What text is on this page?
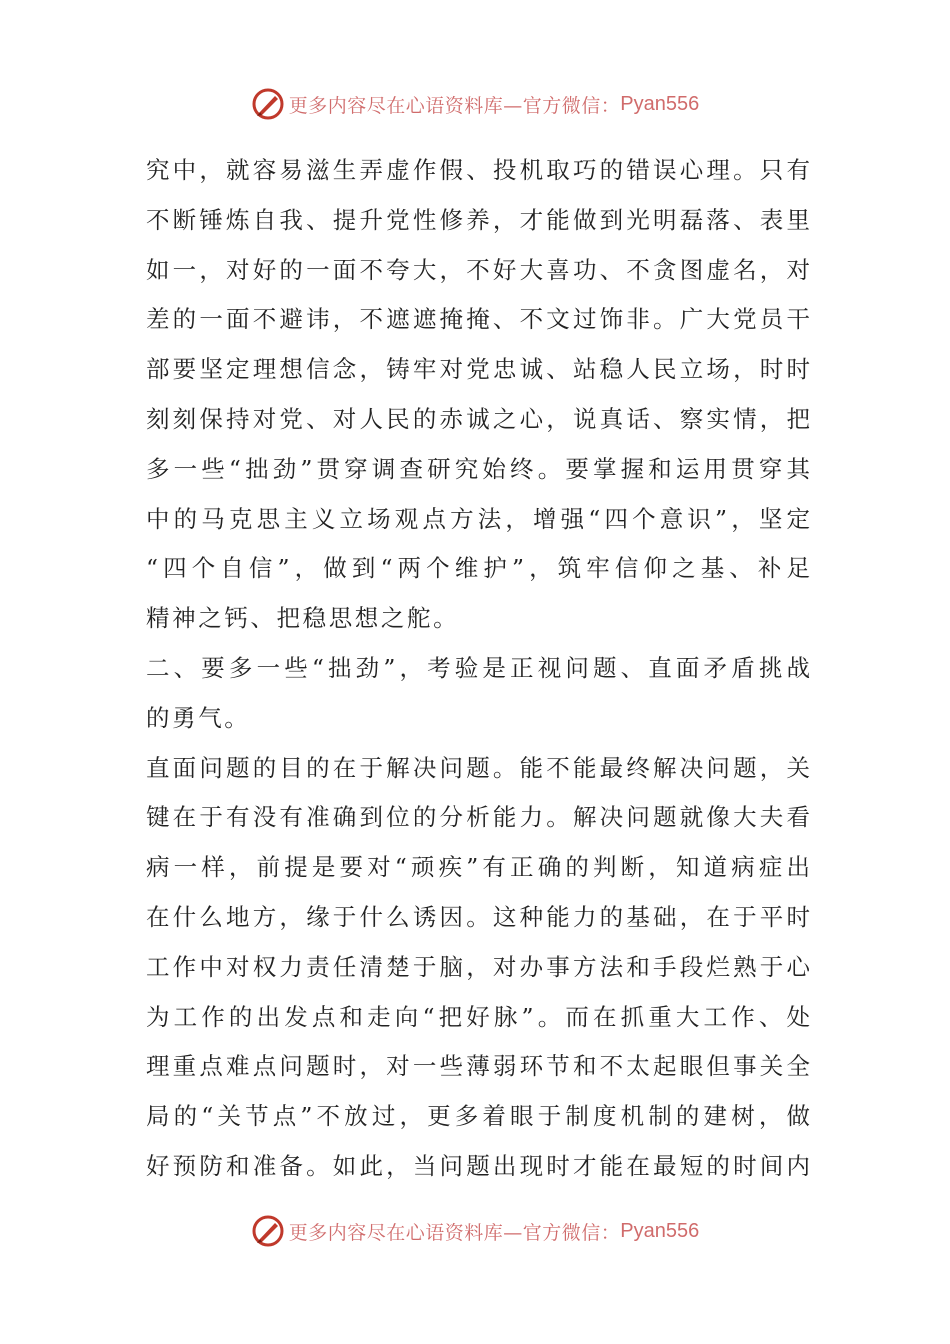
更多内容尽在心语资料库—官方微信： Pyan556
究中，就容易滋生弄虚作假、投机取巧的错误心理。只有
不断锤炼自我、提升党性修养，才能做到光明磊落、表里
如一，对好的一面不夸大，不好大喜功、不贪图虚名，对
差的一面不避讳，不遮遮掩掩、不文过饰非。广大党员干
部要坚定理想信念，铸牢对党忠诚、站稳人民立场，时时
刻刻保持对党、对人民的赤诚之心，说真话、察实情，把
多一些“拙劲”贯穿调查研究始终。要掌握和运用贯穿其
中的马克思主义立场观点方法，增强“四个意识”，坚定
“四个自信”，做到“两个维护”，筑牢信仰之基、补足
精神之钙、把稳思想之舵。
二、要多一些“拙劲”，考验是正视问题、直面矛盾挑战
的勇气。
直面问题的目的在于解决问题。能不能最终解决问题，关
键在于有没有准确到位的分析能力。解决问题就像大夫看
病一样，前提是要对“顽疾”有正确的判断，知道病症出
在什么地方，缘于什么诱因。这种能力的基础，在于平时
工作中对权力责任清楚于脑，对办事方法和手段烂熟于心
为工作的出发点和走向“把好脉”。而在抓重大工作、处
理重点难点问题时，对一些薄弱环节和不太起眼但事关全
局的“关节点”不放过，更多着眼于制度机制的建树，做
好预防和准备。如此，当问题出现时才能在最短的时间内
更多内容尽在心语资料库—官方微信： Pyan556
